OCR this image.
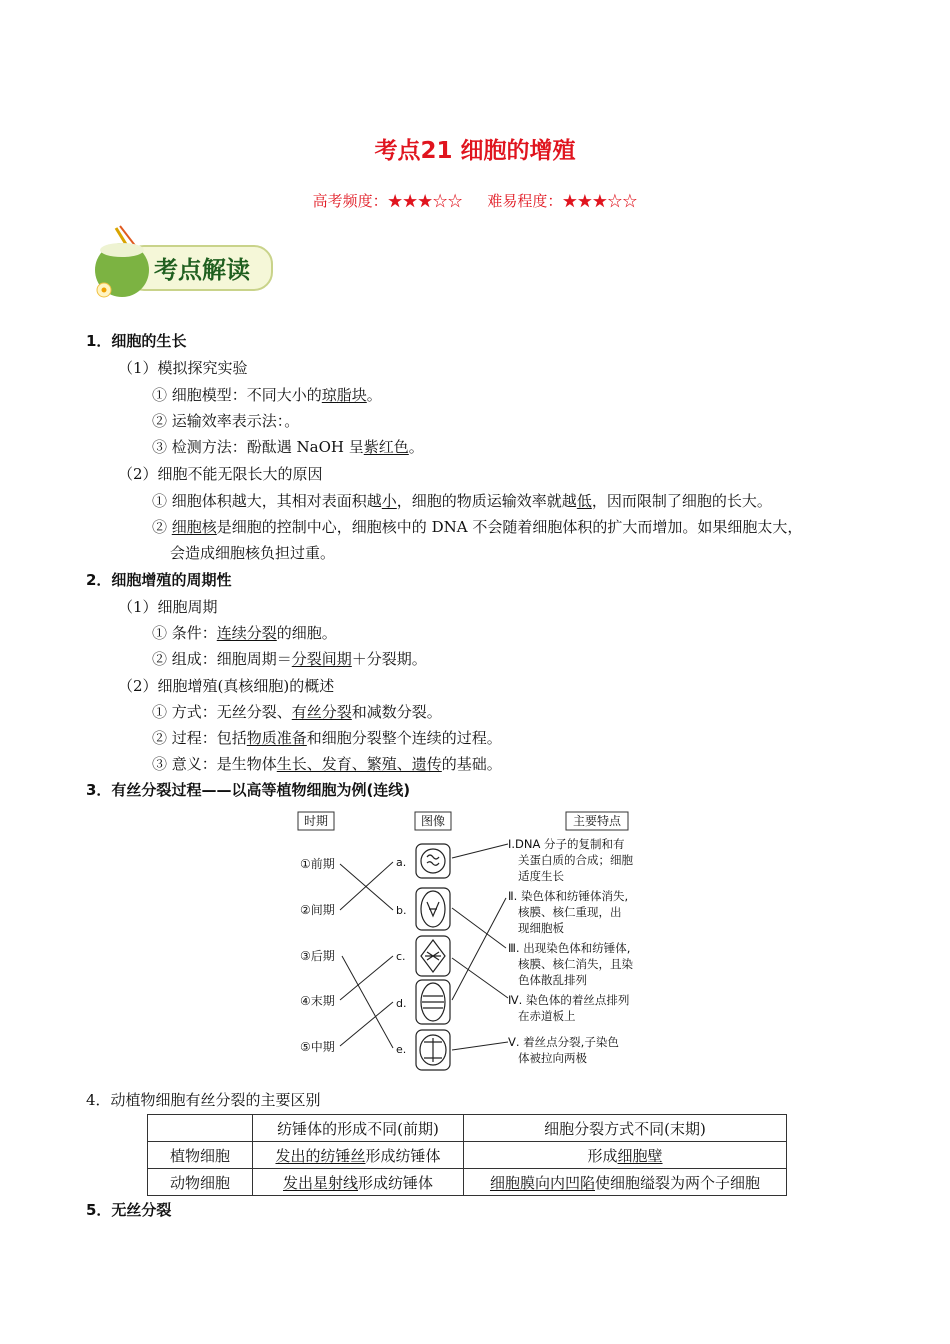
考点21 细胞的增殖
高考频度：★★★☆☆ 难易程度：★★★☆☆
考点解读
1．细胞的生长
（1）模拟探究实验
① 细胞模型：不同大小的琼脂块。
② 运输效率表示法：。
③ 检测方法：酚酞遇 NaOH 呈紫红色。
（2）细胞不能无限长大的原因
① 细胞体积越大，其相对表面积越小，细胞的物质运输效率就越低，因而限制了细胞的长大。
② 细胞核是细胞的控制中心，细胞核中的 DNA 不会随着细胞体积的扩大而增加。如果细胞太大，
会造成细胞核负担过重。
2．细胞增殖的周期性
（1）细胞周期
① 条件：连续分裂的细胞。
② 组成：细胞周期＝分裂间期＋分裂期。
（2）细胞增殖(真核细胞)的概述
① 方式：无丝分裂、有丝分裂和减数分裂。
② 过程：包括物质准备和细胞分裂整个连续的过程。
③ 意义：是生物体生长、发育、繁殖、遗传的基础。
3．有丝分裂过程——以高等植物细胞为例(连线)
时期	图像	主要特点
①前期
②间期
③后期
④末期
⑤中期
a.
b.
c.
d.
e.
Ⅰ.DNA 分子的复制和有
关蛋白质的合成；细胞
适度生长
Ⅱ. 染色体和纺锤体消失,
核膜、核仁重现，出
现细胞板
Ⅲ. 出现染色体和纺锤体,
核膜、核仁消失，且染
色体散乱排列
Ⅳ. 染色体的着丝点排列
在赤道板上
Ⅴ. 着丝点分裂,子染色
体被拉向两极
4．动植物细胞有丝分裂的主要区别
	纺锤体的形成不同(前期)	细胞分裂方式不同(末期)
植物细胞	发出的纺锤丝形成纺锤体	形成细胞壁
动物细胞	发出星射线形成纺锤体	细胞膜向内凹陷使细胞缢裂为两个子细胞
5．无丝分裂
